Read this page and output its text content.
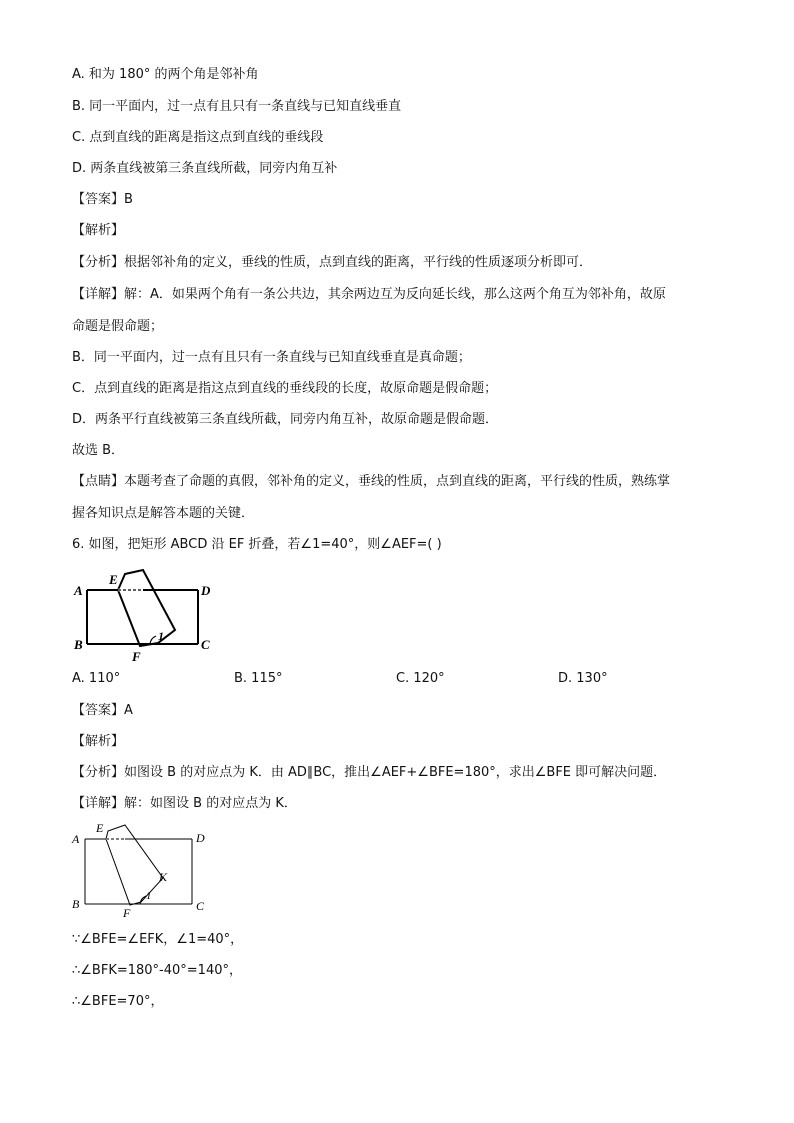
A. 和为 180° 的两个角是邻补角
B. 同一平面内，过一点有且只有一条直线与已知直线垂直
C. 点到直线的距离是指这点到直线的垂线段
D. 两条直线被第三条直线所截，同旁内角互补
【答案】B
【解析】
【分析】根据邻补角的定义，垂线的性质，点到直线的距离，平行线的性质逐项分析即可．
【详解】解：A．如果两个角有一条公共边，其余两边互为反向延长线，那么这两个角互为邻补角，故原
命题是假命题；
B．同一平面内，过一点有且只有一条直线与已知直线垂直是真命题；
C．点到直线的距离是指这点到直线的垂线段的长度，故原命题是假命题；
D．两条平行直线被第三条直线所截，同旁内角互补，故原命题是假命题．
故选 B．
【点睛】本题考查了命题的真假，邻补角的定义，垂线的性质，点到直线的距离，平行线的性质，熟练掌
握各知识点是解答本题的关键．
6. 如图，把矩形 ABCD 沿 EF 折叠，若∠1=40°，则∠AEF=( )
A
B	C
D
E
F
1
A. 110°	B. 115°	C. 120°	D. 130°
【答案】A
【解析】
【分析】如图设 B 的对应点为 K．由 AD∥BC，推出∠AEF+∠BFE=180°，求出∠BFE 即可解决问题．
【详解】解：如图设 B 的对应点为 K．
A
B	C
D
E
F
K
1
∵∠BFE=∠EFK，∠1=40°，
∴∠BFK=180°-40°=140°，
∴∠BFE=70°，
